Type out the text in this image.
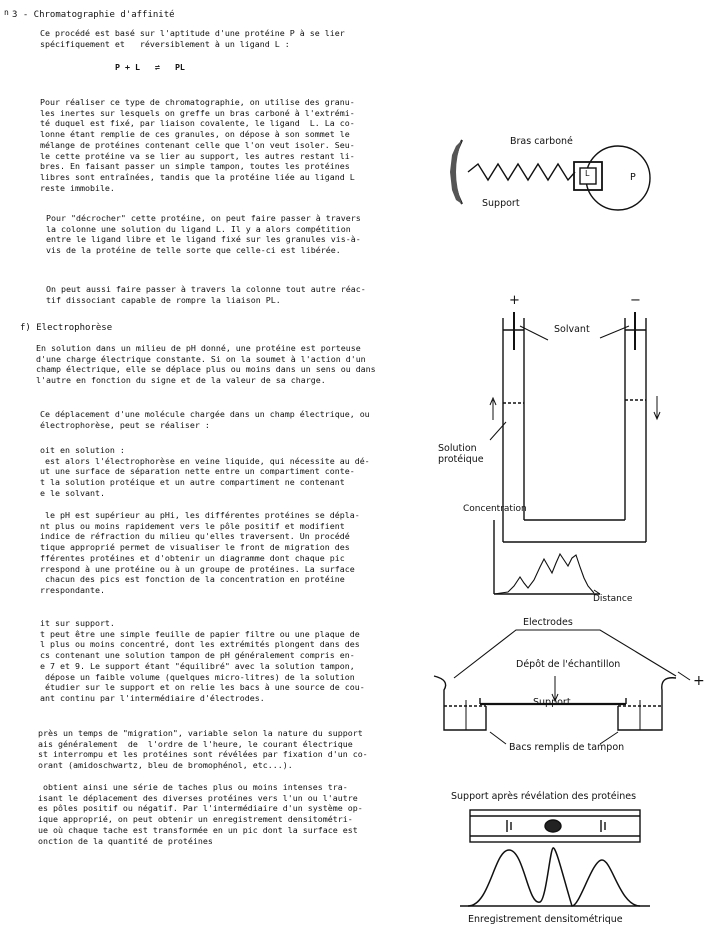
n 3 - Chromatographie d'affinité
Ce procédé est basé sur l'aptitude d'une protéine P à se lier
spécifiquement et   réversiblement à un ligand L :
P + L   ⇌   PL
Pour réaliser ce type de chromatographie, on utilise des granu-
les inertes sur lesquels on greffe un bras carboné à l'extrémi-
té duquel est fixé, par liaison covalente, le ligand  L. La co-
lonne étant remplie de ces granules, on dépose à son sommet le
mélange de protéines contenant celle que l'on veut isoler. Seu-
le cette protéine va se lier au support, les autres restant li-
bres. En faisant passer un simple tampon, toutes les protéines
libres sont entraînées, tandis que la protéine liée au ligand L
reste immobile.
Pour "décrocher" cette protéine, on peut faire passer à travers
la colonne une solution du ligand L. Il y a alors compétition
entre le ligand libre et le ligand fixé sur les granules vis-à-
vis de la protéine de telle sorte que celle-ci est libérée.
On peut aussi faire passer à travers la colonne tout autre réac-
tif dissociant capable de rompre la liaison PL.
f) Electrophorèse
En solution dans un milieu de pH donné, une protéine est porteuse
d'une charge électrique constante. Si on la soumet à l'action d'un
champ électrique, elle se déplace plus ou moins dans un sens ou dans
l'autre en fonction du signe et de la valeur de sa charge.
Ce déplacement d'une molécule chargée dans un champ électrique, ou
électrophorèse, peut se réaliser :
oit en solution :
est alors l'électrophorèse en veine liquide, qui nécessite au dé-
ut une surface de séparation nette entre un compartiment conte-
t la solution protéique et un autre compartiment ne contenant
e le solvant.
le pH est supérieur au pHi, les différentes protéines se dépla-
nt plus ou moins rapidement vers le pôle positif et modifient
indice de réfraction du milieu qu'elles traversent. Un procédé
tique approprié permet de visualiser le front de migration des
fférentes protéines et d'obtenir un diagramme dont chaque pic
rrespond à une protéine ou à un groupe de protéines. La surface
chacun des pics est fonction de la concentration en protéine
rrespondante.
it sur support.
t peut être une simple feuille de papier filtre ou une plaque de
l plus ou moins concentré, dont les extrémités plongent dans des
cs contenant une solution tampon de pH généralement compris en-
e 7 et 9. Le support étant "équilibré" avec la solution tampon,
dépose un faible volume (quelques micro-litres) de la solution
étudier sur le support et on relie les bacs à une source de cou-
ant continu par l'intermédiaire d'électrodes.
près un temps de "migration", variable selon la nature du support
ais généralement  de  l'ordre de l'heure, le courant électrique
st interrompu et les protéines sont révélées par fixation d'un co-
orant (amidoschwartz, bleu de bromophénol, etc...).
obtient ainsi une série de taches plus ou moins intenses tra-
isant le déplacement des diverses protéines vers l'un ou l'autre
es pôles positif ou négatif. Par l'intermédiaire d'un système op-
ique approprié, on peut obtenir un enregistrement densitométri-
ue où chaque tache est transformée en un pic dont la surface est
onction de la quantité de protéines
Bras carboné
Support
L	P
+	−
Solvant
Solution
protéique
Concentration
Distance
Electrodes
Dépôt de l'échantillon
Support
Bacs remplis de tampon
+
Support après révélation des protéines
Enregistrement densitométrique
